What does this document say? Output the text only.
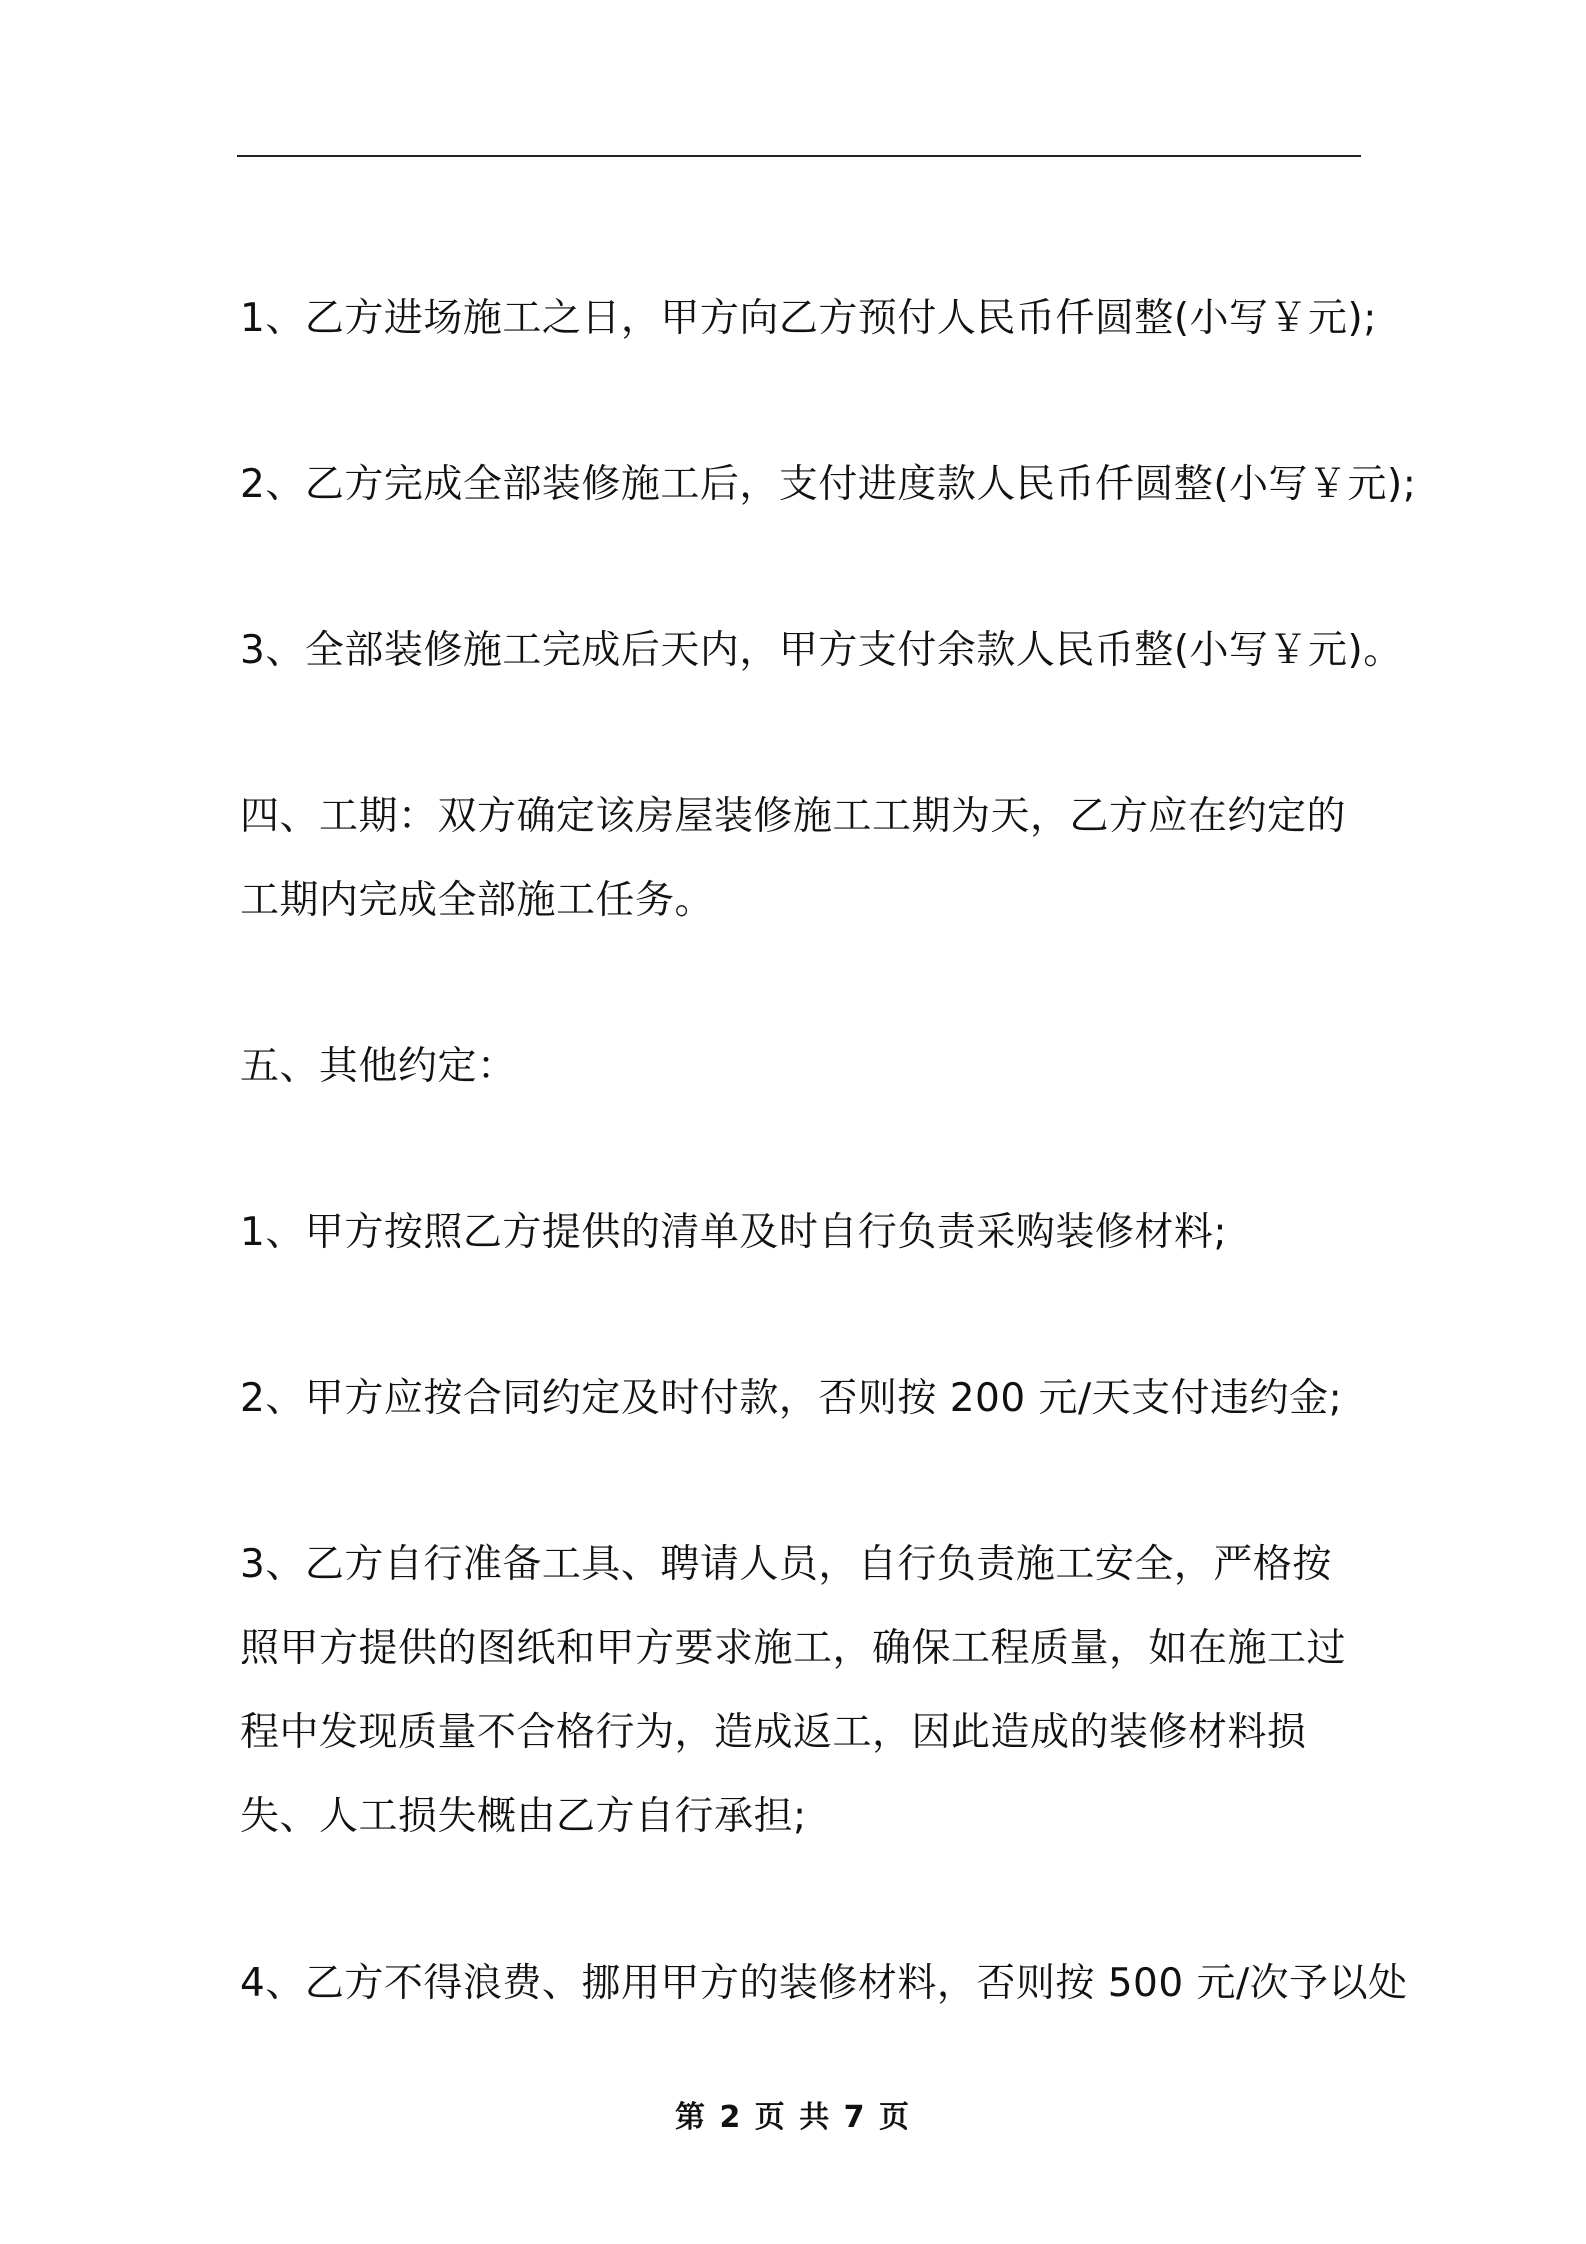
1、乙方进场施工之日，甲方向乙方预付人民币仟圆整(小写￥元);
2、乙方完成全部装修施工后，支付进度款人民币仟圆整(小写￥元);
3、全部装修施工完成后天内，甲方支付余款人民币整(小写￥元)。
四、工期：双方确定该房屋装修施工工期为天，乙方应在约定的工期内完成全部施工任务。
五、其他约定：
1、甲方按照乙方提供的清单及时自行负责采购装修材料;
2、甲方应按合同约定及时付款，否则按 200 元/天支付违约金;
3、乙方自行准备工具、聘请人员，自行负责施工安全，严格按照甲方提供的图纸和甲方要求施工，确保工程质量，如在施工过程中发现质量不合格行为，造成返工，因此造成的装修材料损失、人工损失概由乙方自行承担;
4、乙方不得浪费、挪用甲方的装修材料，否则按 500 元/次予以处
第 2 页 共 7 页
